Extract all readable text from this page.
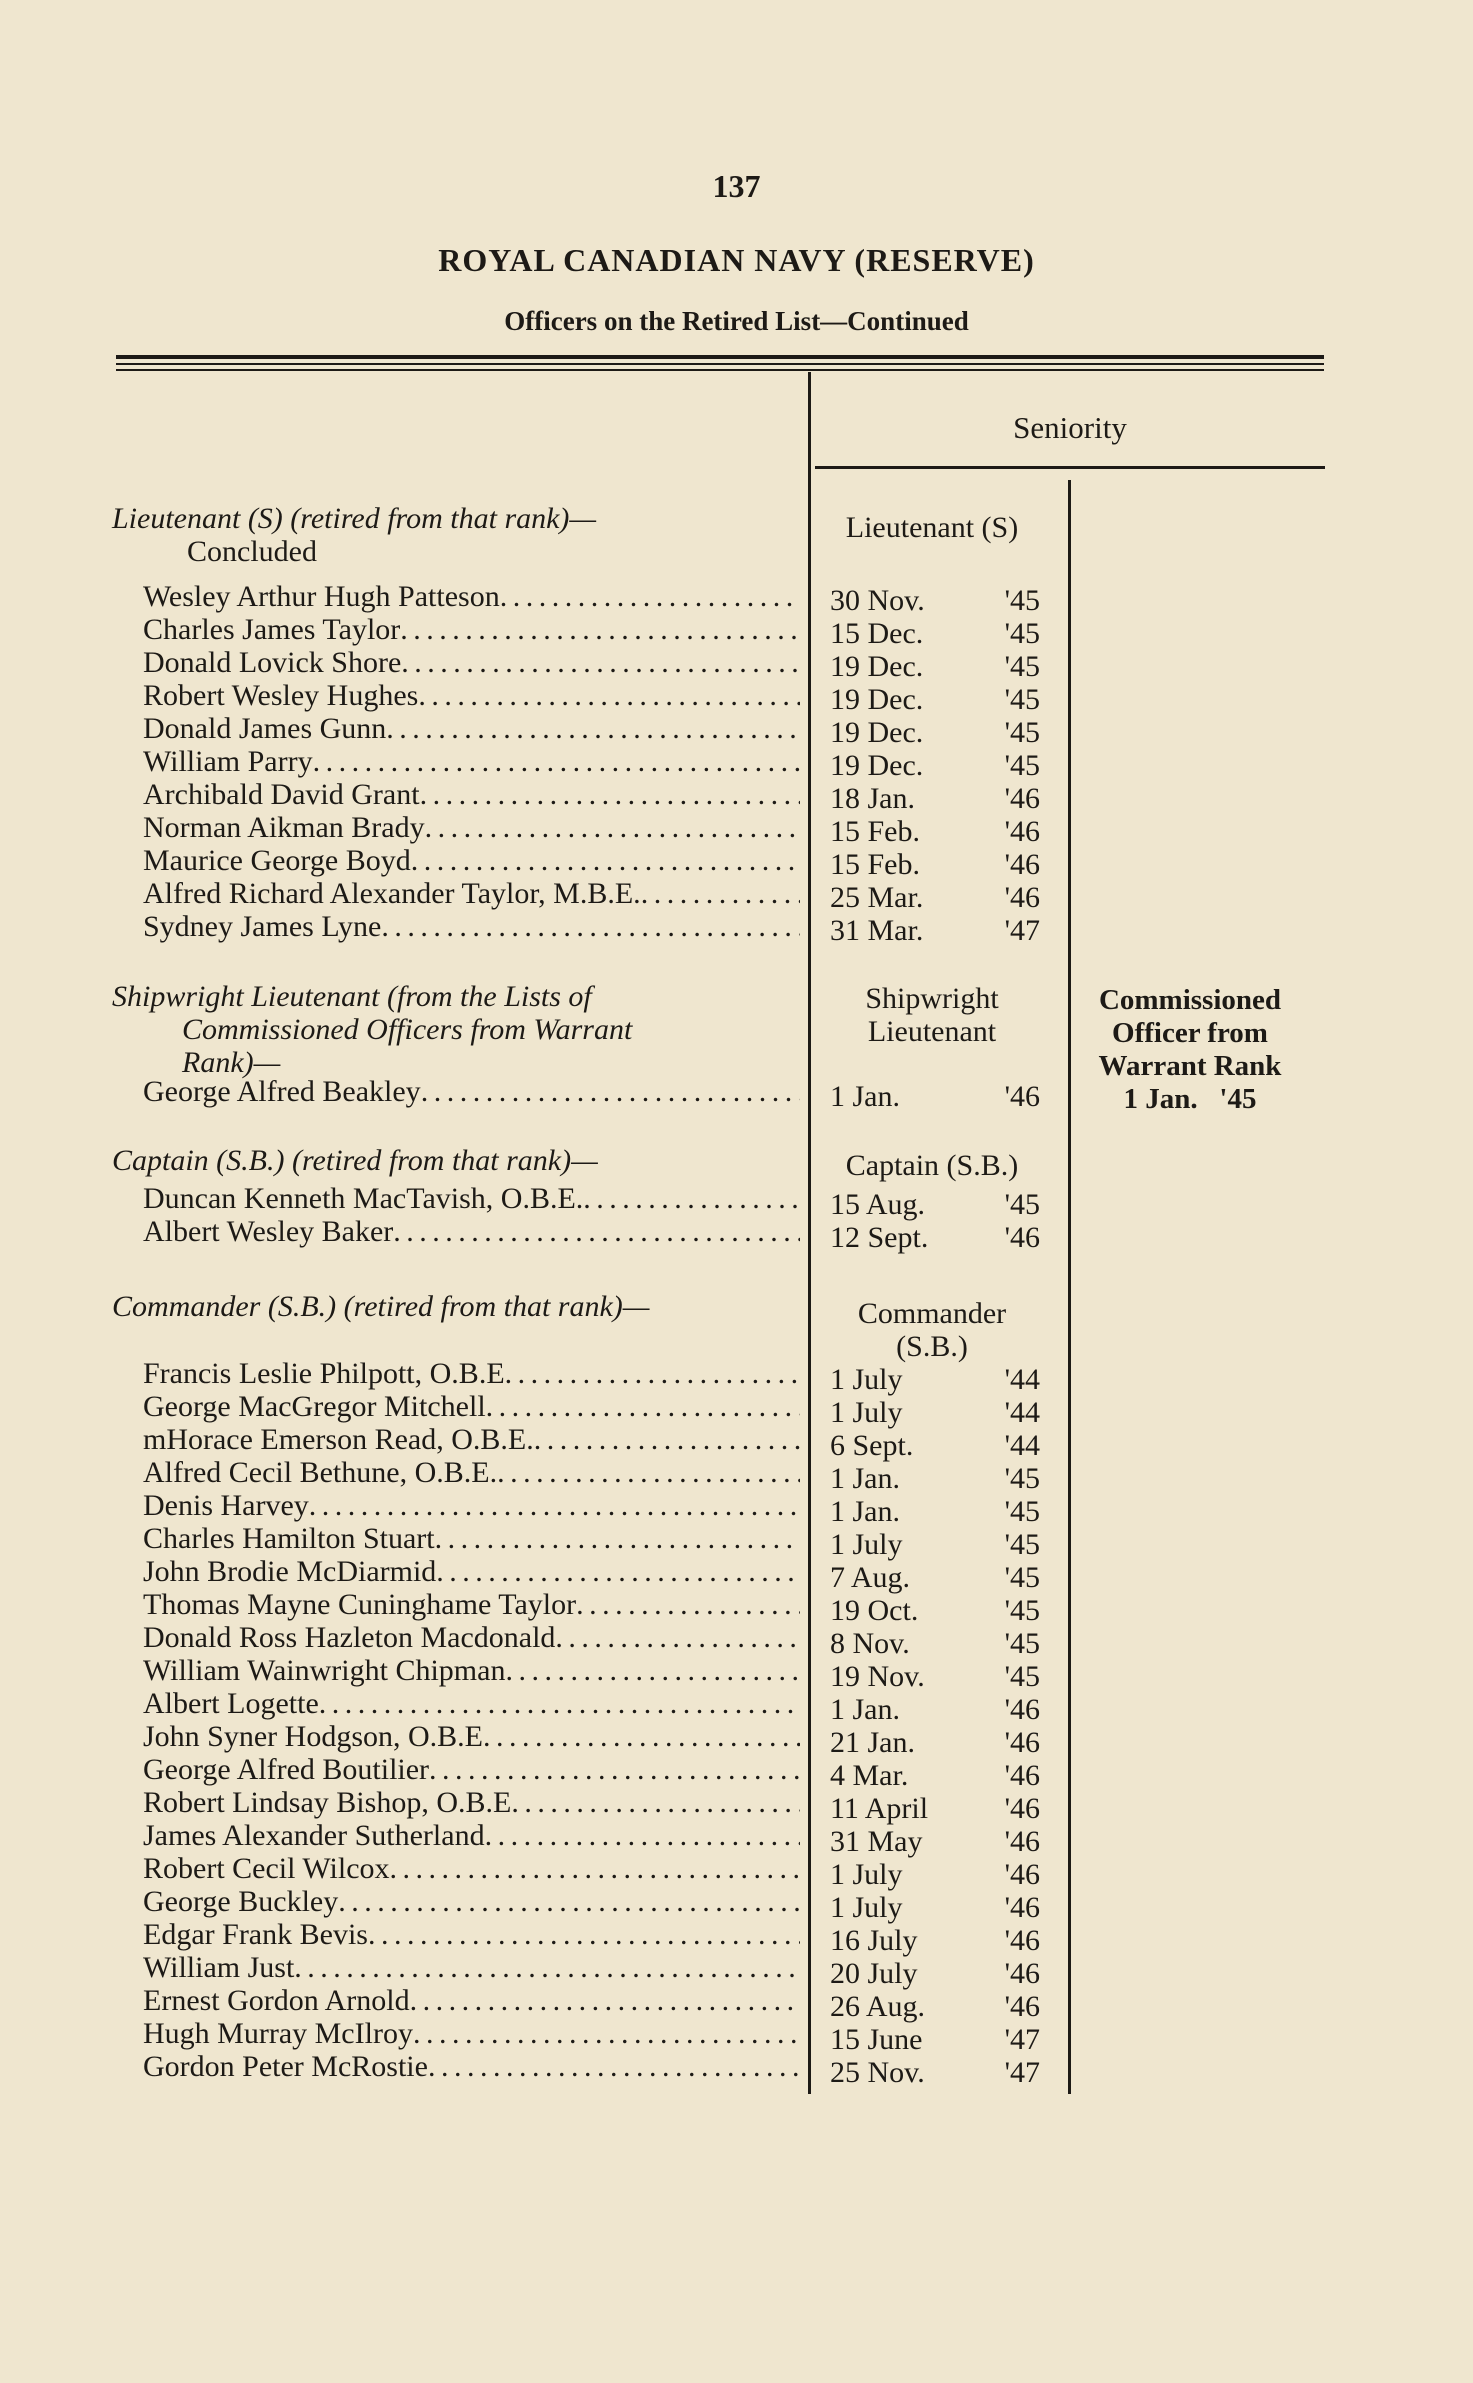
137
ROYAL CANADIAN NAVY (RESERVE)
Officers on the Retired List—Continued
Seniority
Lieutenant (S) (retired from that rank)—
Concluded
Lieutenant (S)
Wesley Arthur Hugh Patteson
. . .
Charles James Taylor
. . .
Donald Lovick Shore
. . .
Robert Wesley Hughes
. . .
Donald James Gunn
. . .
William Parry
. . .
Archibald David Grant
. . .
Norman Aikman Brady
. . .
Maurice George Boyd
. . .
Alfred Richard Alexander Taylor, M.B.E.
. . .
Sydney James Lyne
. . .
30 Nov.	'45
15 Dec.	'45
19 Dec.	'45
19 Dec.	'45
19 Dec.	'45
19 Dec.	'45
18 Jan.	'46
15 Feb.	'46
15 Feb.	'46
25 Mar.	'46
31 Mar.	'47
Shipwright Lieutenant (from the Lists of
Commissioned Officers from Warrant
Rank)—
Shipwright
Lieutenant
Commissioned
Officer from
Warrant Rank
1 Jan. '45
George Alfred Beakley
. . .	1 Jan.	'46
Captain (S.B.) (retired from that rank)—	Captain (S.B.)
Duncan Kenneth MacTavish, O.B.E.
. . .
Albert Wesley Baker
. . .
15 Aug.	'45
12 Sept.	'46
Commander (S.B.) (retired from that rank)—	Commander
(S.B.)
Francis Leslie Philpott, O.B.E
. . .
George MacGregor Mitchell
. . .
mHorace Emerson Read, O.B.E.
. . .
Alfred Cecil Bethune, O.B.E.
. . .
Denis Harvey
. . .
Charles Hamilton Stuart
. . .
John Brodie McDiarmid
. . .
Thomas Mayne Cuninghame Taylor
. . .
Donald Ross Hazleton Macdonald
. . .
William Wainwright Chipman
. . .
Albert Logette
. . .
John Syner Hodgson, O.B.E
. . .
George Alfred Boutilier
. . .
Robert Lindsay Bishop, O.B.E
. . .
James Alexander Sutherland
. . .
Robert Cecil Wilcox
. . .
George Buckley
. . .
Edgar Frank Bevis
. . .
William Just
. . .
Ernest Gordon Arnold
. . .
Hugh Murray McIlroy
. . .
Gordon Peter McRostie
. . .
1 July	'44
1 July	'44
6 Sept.	'44
1 Jan.	'45
1 Jan.	'45
1 July	'45
7 Aug.	'45
19 Oct.	'45
8 Nov.	'45
19 Nov.	'45
1 Jan.	'46
21 Jan.	'46
4 Mar.	'46
11 April	'46
31 May	'46
1 July	'46
1 July	'46
16 July	'46
20 July	'46
26 Aug.	'46
15 June	'47
25 Nov.	'47
